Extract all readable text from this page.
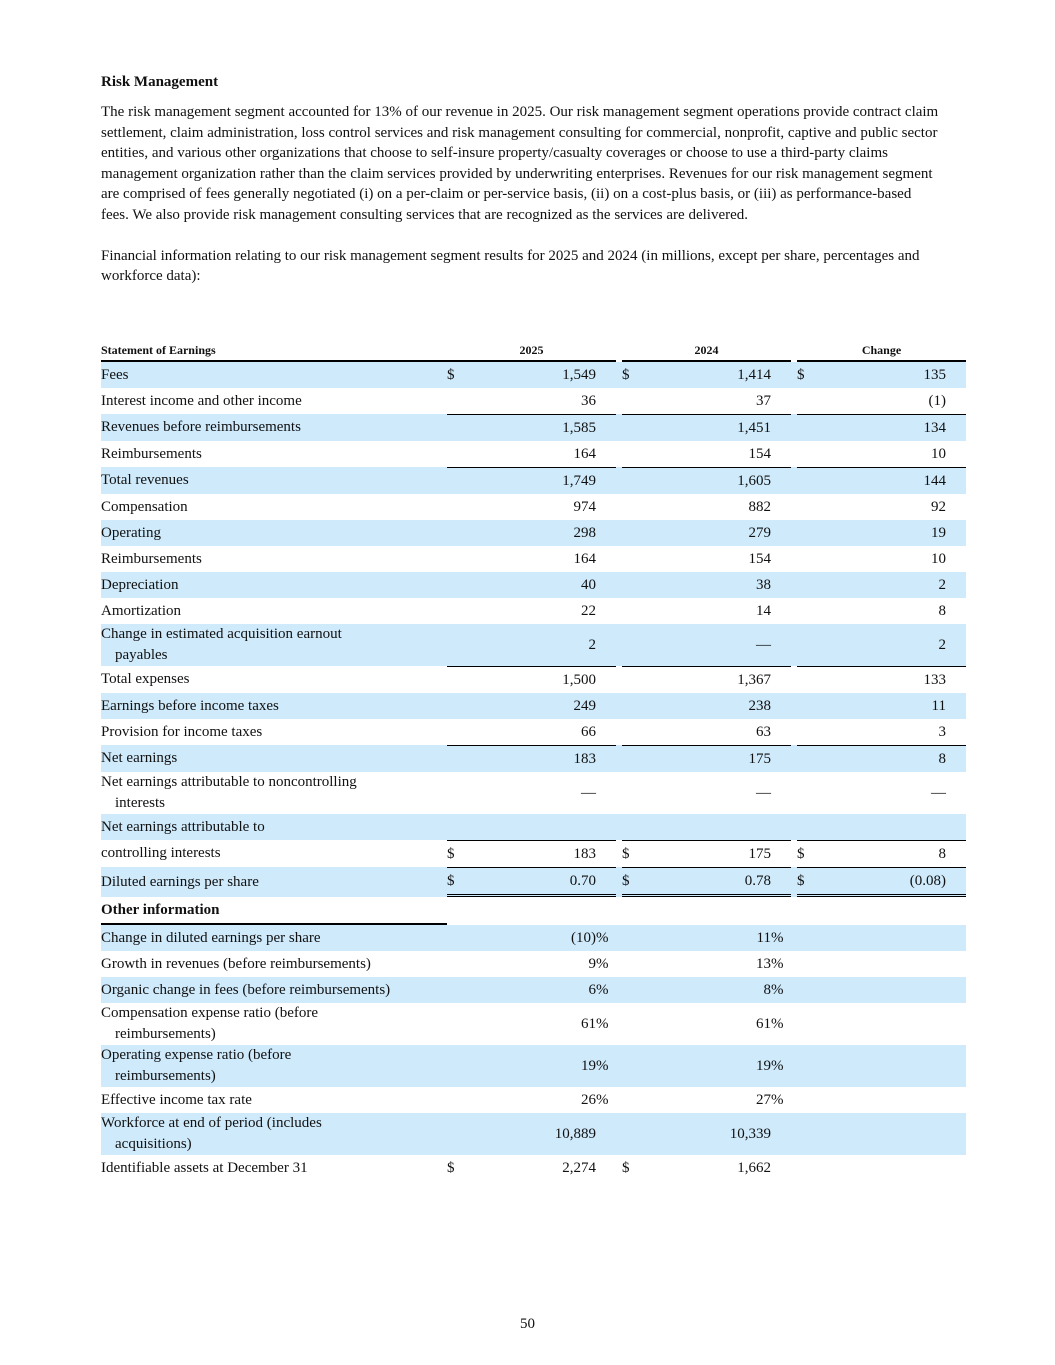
Risk Management

The risk management segment accounted for 13% of our revenue in 2025. Our risk management segment operations provide contract claim settlement, claim administration, loss control services and risk management consulting for commercial, nonprofit, captive and public sector entities, and various other organizations that choose to self-insure property/casualty coverages or choose to use a third-party claims management organization rather than the claim services provided by underwriting enterprises. Revenues for our risk management segment are comprised of fees generally negotiated (i) on a per-claim or per-service basis, (ii) on a cost-plus basis, or (iii) as performance-based fees. We also provide risk management consulting services that are recognized as the services are delivered.

Financial information relating to our risk management segment results for 2025 and 2024 (in millions, except per share, percentages and workforce data):

Statement of Earnings	2025				2024				Change		
Fees	$	1,549			$	1,414			$	135	
Interest income and other income		36				37				(1)	
Revenues before reimbursements		1,585				1,451				134	
Reimbursements		164				154				10	
Total revenues		1,749				1,605				144	
Compensation		974				882				92	
Operating		298				279				19	
Reimbursements		164				154				10	
Depreciation		40				38				2	
Amortization		22				14				8	

Change in estimated acquisition earnout
payables		2				—				2	
Total expenses		1,500				1,367				133	
Earnings before income taxes		249				238				11	
Provision for income taxes		66				63				3	
Net earnings		183				175				8	

Net earnings attributable to noncontrolling
interests		—				—				—	
Net earnings attributable to											
controlling interests	$	183			$	175			$	8	
Diluted earnings per share	$	0.70			$	0.78			$	(0.08)	
Other information											
Change in diluted earnings per share		(10)	%			11	%				
Growth in revenues (before reimbursements)		9	%			13	%				
Organic change in fees (before reimbursements)		6	%			8	%				

Compensation expense ratio (before
reimbursements)		61	%			61	%				

Operating expense ratio (before
reimbursements)		19	%			19	%				
Effective income tax rate		26	%			27	%				

Workforce at end of period (includes
acquisitions)		10,889				10,339					
Identifiable assets at December 31	$	2,274			$	1,662					
50
